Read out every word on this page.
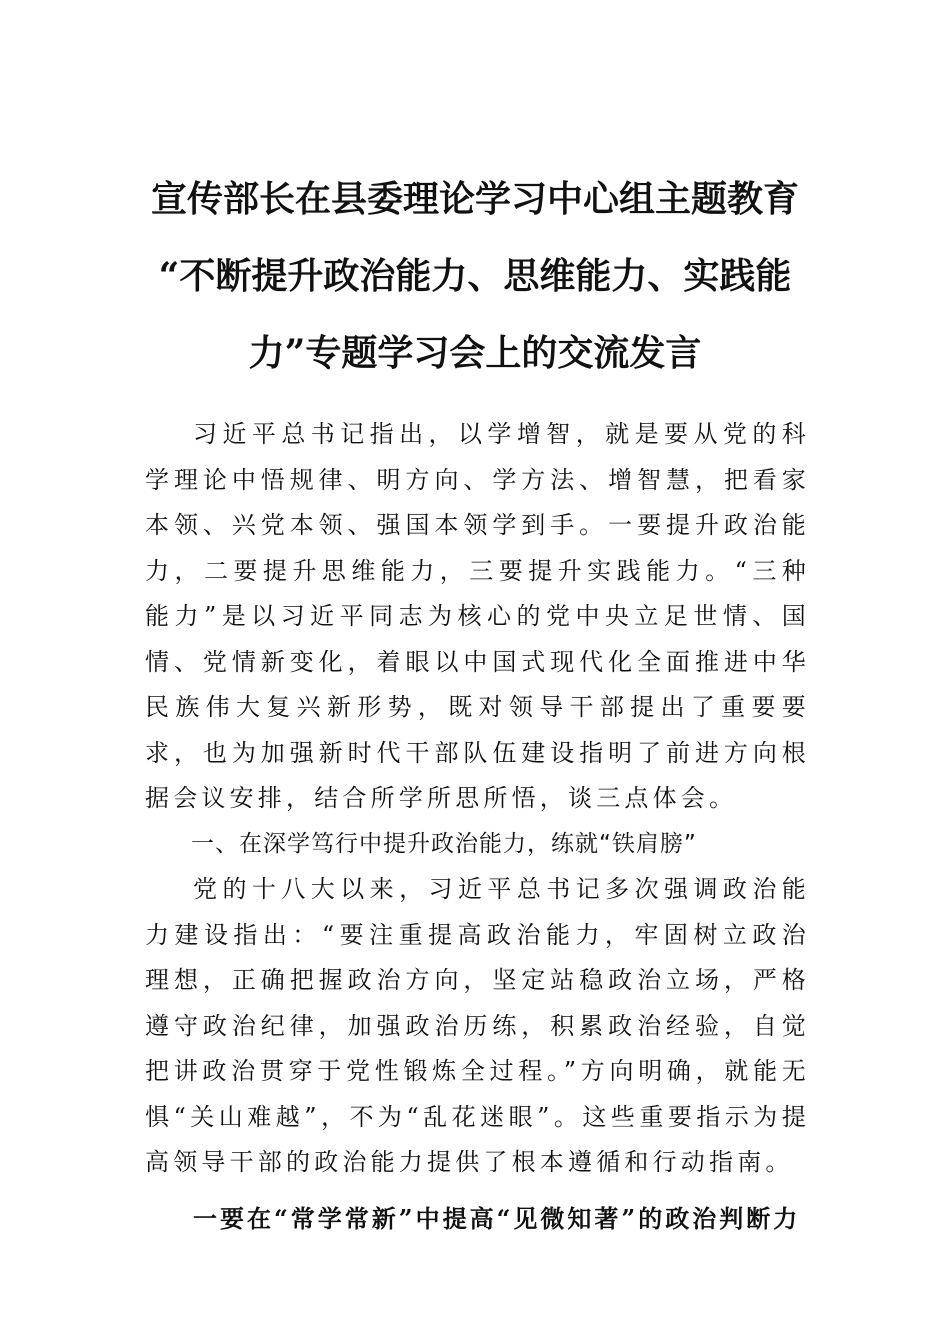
宣传部长在县委理论学习中心组主题教育
“不断提升政治能力、思维能力、实践能
力”专题学习会上的交流发言

习近平总书记指出，以学增智，就是要从党的科学理论中悟规律、明方向、学方法、增智慧，把看家本领、兴党本领、强国本领学到手。一要提升政治能力，二要提升思维能力，三要提升实践能力。“三种能力”是以习近平同志为核心的党中央立足世情、国情、党情新变化，着眼以中国式现代化全面推进中华民族伟大复兴新形势，既对领导干部提出了重要要求，也为加强新时代干部队伍建设指明了前进方向根据会议安排，结合所学所思所悟，谈三点体会。

一、在深学笃行中提升政治能力，练就“铁肩膀”

党的十八大以来，习近平总书记多次强调政治能力建设指出：“要注重提高政治能力，牢固树立政治理想，正确把握政治方向，坚定站稳政治立场，严格遵守政治纪律，加强政治历练，积累政治经验，自觉把讲政治贯穿于党性锻炼全过程。”方向明确，就能无惧“关山难越”，不为“乱花迷眼”。这些重要指示为提高领导干部的政治能力提供了根本遵循和行动指南。

一要在“常学常新”中提高“见微知著”的政治判断力
